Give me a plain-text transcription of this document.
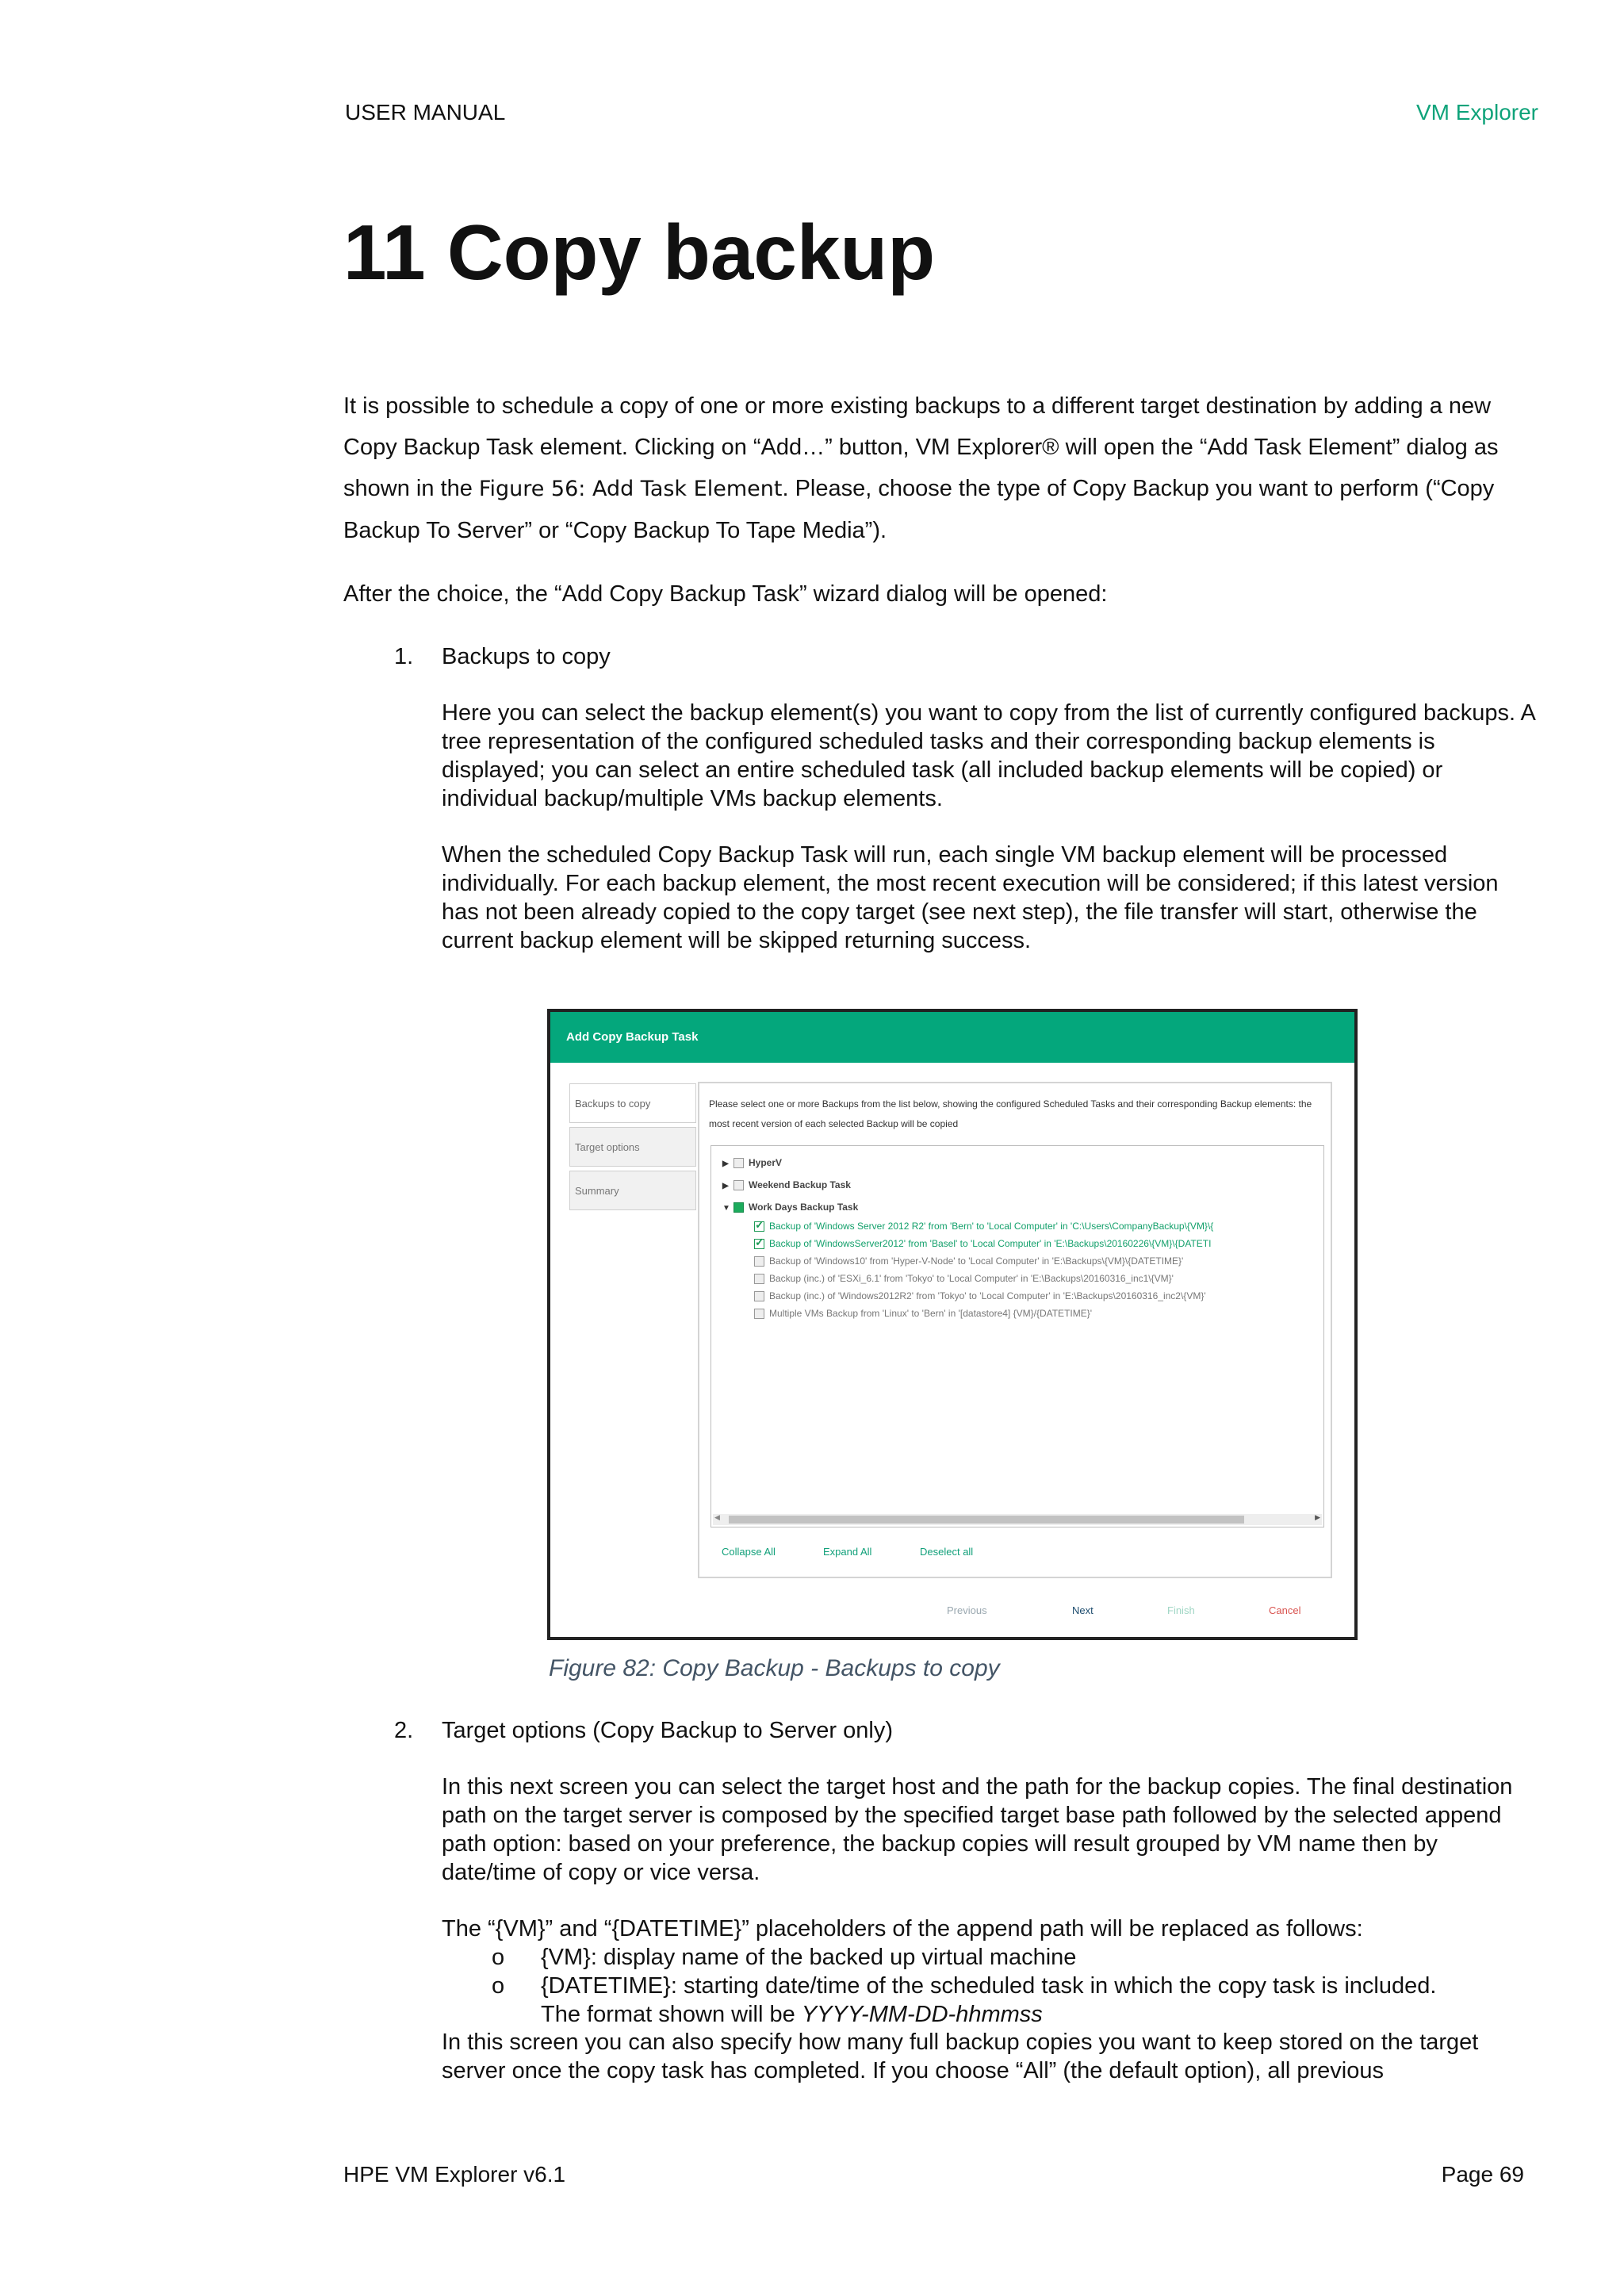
USER MANUAL	VM Explorer
11 Copy backup

It is possible to schedule a copy of one or more existing backups to a different target destination by adding a new Copy Backup Task element. Clicking on “Add…” button, VM Explorer® will open the “Add Task Element” dialog as shown in the Figure 56: Add Task Element. Please, choose the type of Copy Backup you want to perform (“Copy Backup To Server” or “Copy Backup To Tape Media”).

After the choice, the “Add Copy Backup Task” wizard dialog will be opened:

1. Backups to copy

Here you can select the backup element(s) you want to copy from the list of currently configured backups. A tree representation of the configured scheduled tasks and their corresponding backup elements is displayed; you can select an entire scheduled task (all included backup elements will be copied) or individual backup/multiple VMs backup elements.

When the scheduled Copy Backup Task will run, each single VM backup element will be processed individually. For each backup element, the most recent execution will be considered; if this latest version has not been already copied to the copy target (see next step), the file transfer will start, otherwise the current backup element will be skipped returning success.

Add Copy Backup Task
Backups to copy
Target options
Summary

Please select one or more Backups from the list below, showing the configured Scheduled Tasks and their corresponding Backup elements: the most recent version of each selected Backup will be copied

▶ HyperV
▶ Weekend Backup Task
▼ Work Days Backup Task
✓Backup of 'Windows Server 2012 R2' from 'Bern' to 'Local Computer' in 'C:\Users\CompanyBackup\{VM}\{
✓Backup of 'WindowsServer2012' from 'Basel' to 'Local Computer' in 'E:\Backups\20160226\{VM}\{DATETI
Backup of 'Windows10' from 'Hyper-V-Node' to 'Local Computer' in 'E:\Backups\{VM}\{DATETIME}'
Backup (inc.) of 'ESXi_6.1' from 'Tokyo' to 'Local Computer' in 'E:\Backups\20160316_inc1\{VM}'
Backup (inc.) of 'Windows2012R2' from 'Tokyo' to 'Local Computer' in 'E:\Backups\20160316_inc2\{VM}'
Multiple VMs Backup from 'Linux' to 'Bern' in '[datastore4] {VM}/{DATETIME}'
◀	▶
Collapse All	Expand All	Deselect all
Previous	Next	Finish	Cancel
Figure 82: Copy Backup - Backups to copy
2. Target options (Copy Backup to Server only)

In this next screen you can select the target host and the path for the backup copies. The final destination path on the target server is composed by the specified target base path followed by the selected append path option: based on your preference, the backup copies will result grouped by VM name then by date/time of copy or vice versa.

The “{VM}” and “{DATETIME}” placeholders of the append path will be replaced as follows:

o {VM}: display name of the backed up virtual machine
o {DATETIME}: starting date/time of the scheduled task in which the copy task is included.
The format shown will be YYYY-MM-DD-hhmmss

In this screen you can also specify how many full backup copies you want to keep stored on the target server once the copy task has completed. If you choose “All” (the default option), all previous

HPE VM Explorer v6.1	Page 69
